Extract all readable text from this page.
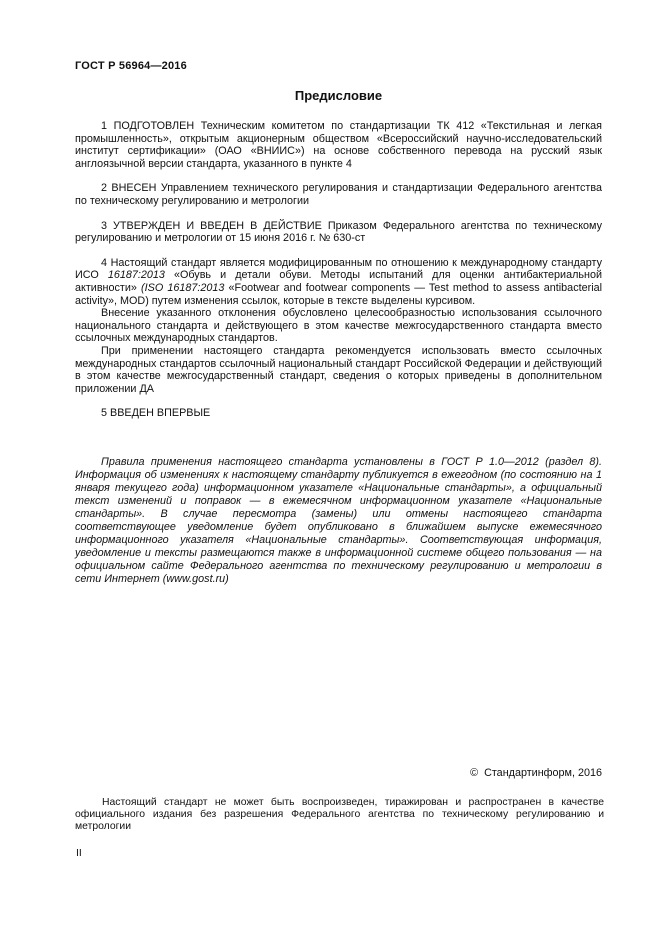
ГОСТ Р 56964—2016
Предисловие

1 ПОДГОТОВЛЕН Техническим комитетом по стандартизации ТК 412 «Текстильная и легкая промышленность», открытым акционерным обществом «Всероссийский научно-исследовательский институт сертификации» (ОАО «ВНИИС») на основе собственного перевода на русский язык англоязычной версии стандарта, указанного в пункте 4

2 ВНЕСЕН Управлением технического регулирования и стандартизации Федерального агентства по техническому регулированию и метрологии

3 УТВЕРЖДЕН И ВВЕДЕН В ДЕЙСТВИЕ Приказом Федерального агентства по техническому регулированию и метрологии от 15 июня 2016 г. № 630-ст

4 Настоящий стандарт является модифицированным по отношению к международному стандарту ИСО 16187:2013 «Обувь и детали обуви. Методы испытаний для оценки антибактериальной активности» (ISO 16187:2013 «Footwear and footwear components — Test method to assess antibacterial activity», MOD) путем изменения ссылок, которые в тексте выделены курсивом.

Внесение указанного отклонения обусловлено целесообразностью использования ссылочного национального стандарта и действующего в этом качестве межгосударственного стандарта вместо ссылочных международных стандартов.

При применении настоящего стандарта рекомендуется использовать вместо ссылочных международных стандартов ссылочный национальный стандарт Российской Федерации и действующий в этом качестве межгосударственный стандарт, сведения о которых приведены в дополнительном приложении ДА

5 ВВЕДЕН ВПЕРВЫЕ

Правила применения настоящего стандарта установлены в ГОСТ Р 1.0—2012 (раздел 8). Информация об изменениях к настоящему стандарту публикуется в ежегодном (по состоянию на 1 января текущего года) информационном указателе «Национальные стандарты», а официальный текст изменений и поправок — в ежемесячном информационном указателе «Национальные стандарты». В случае пересмотра (замены) или отмены настоящего стандарта соответствующее уведомление будет опубликовано в ближайшем выпуске ежемесячного информационного указателя «Национальные стандарты». Соответствующая информация, уведомление и тексты размещаются также в информационной системе общего пользования — на официальном сайте Федерального агентства по техническому регулированию и метрологии в сети Интернет (www.gost.ru)

©  Стандартинформ, 2016

Настоящий стандарт не может быть воспроизведен, тиражирован и распространен в качестве официального издания без разрешения Федерального агентства по техническому регулированию и метрологии

II
